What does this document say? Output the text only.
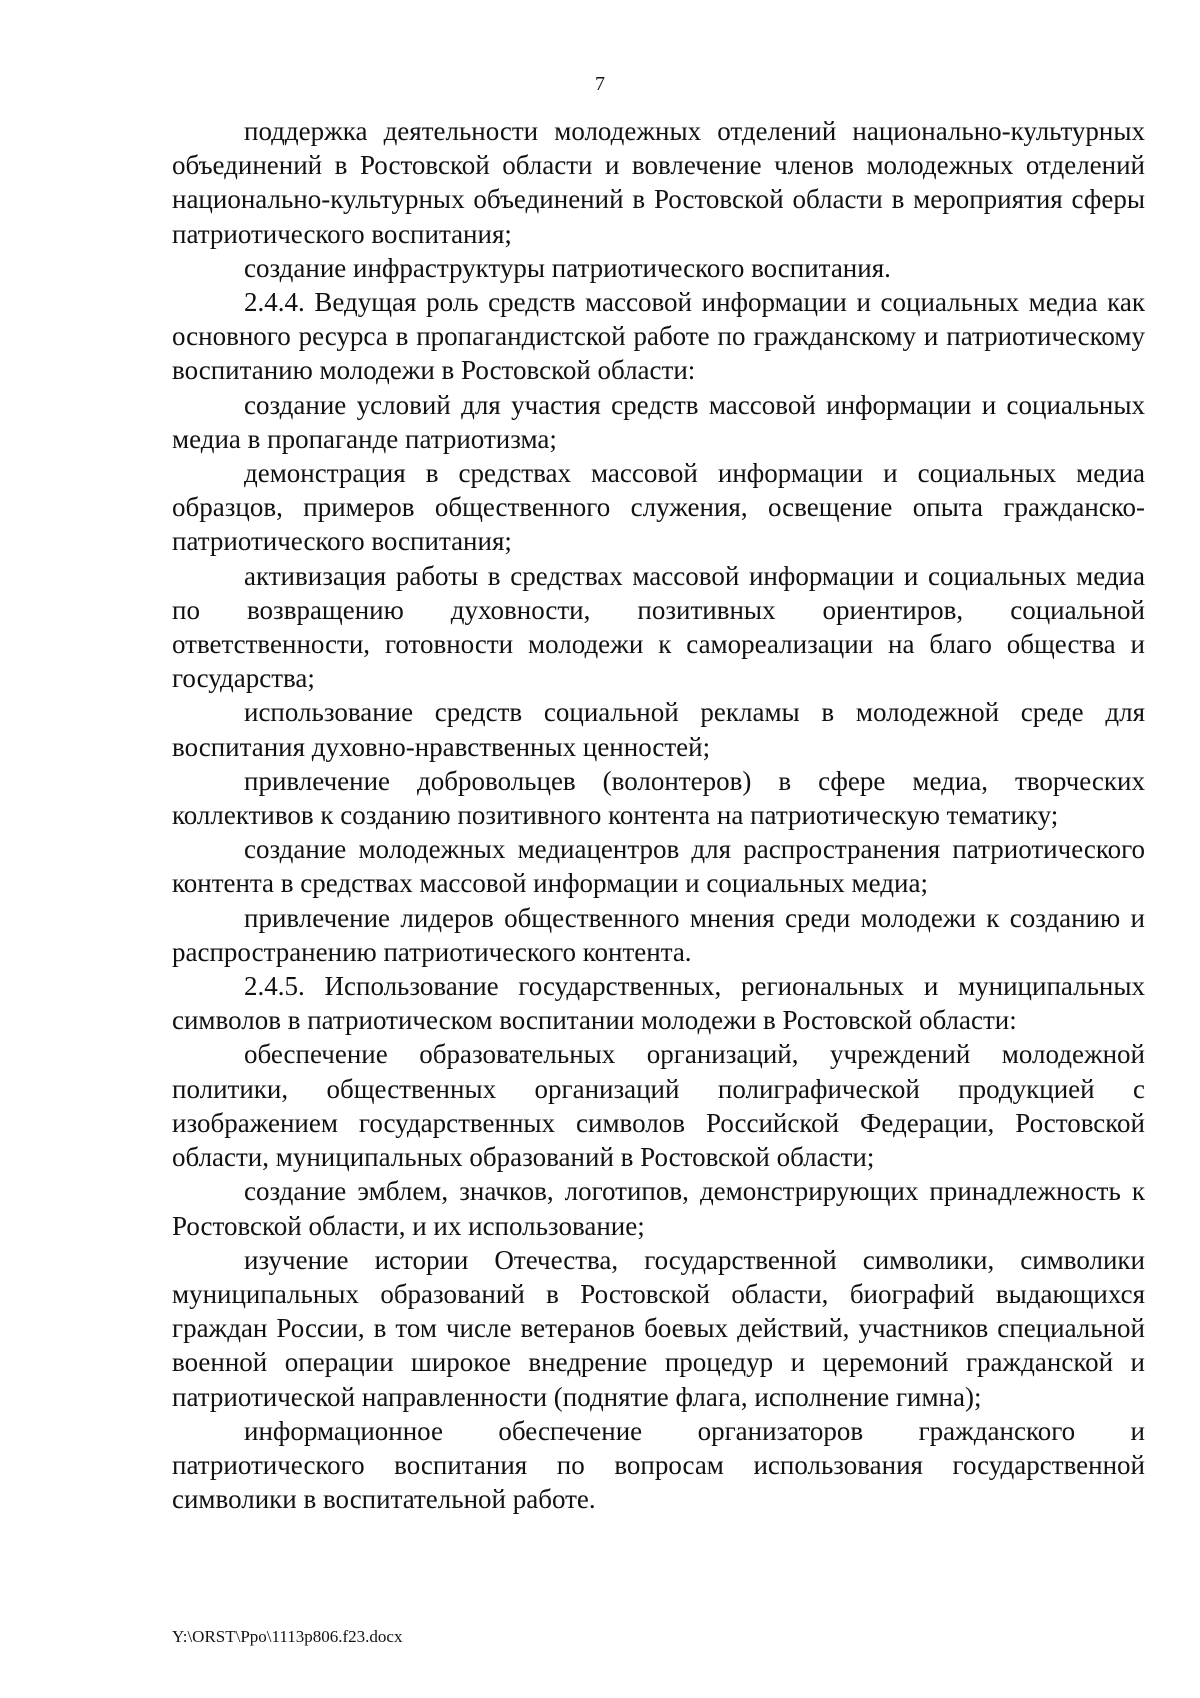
7

поддержка деятельности молодежных отделений национально-культурных объединений в Ростовской области и вовлечение членов молодежных отделений национально-культурных объединений в Ростовской области в мероприятия сферы патриотического воспитания;

создание инфраструктуры патриотического воспитания.

2.4.4. Ведущая роль средств массовой информации и социальных медиа как основного ресурса в пропагандистской работе по гражданскому и патриотическому воспитанию молодежи в Ростовской области:

создание условий для участия средств массовой информации и социальных медиа в пропаганде патриотизма;

демонстрация в средствах массовой информации и социальных медиа образцов, примеров общественного служения, освещение опыта гражданско-патриотического воспитания;

активизация работы в средствах массовой информации и социальных медиа по возвращению духовности, позитивных ориентиров, социальной ответственности, готовности молодежи к самореализации на благо общества и государства;

использование средств социальной рекламы в молодежной среде для воспитания духовно-нравственных ценностей;

привлечение добровольцев (волонтеров) в сфере медиа, творческих коллективов к созданию позитивного контента на патриотическую тематику;

создание молодежных медиацентров для распространения патриотического контента в средствах массовой информации и социальных медиа;

привлечение лидеров общественного мнения среди молодежи к созданию и распространению патриотического контента.

2.4.5. Использование государственных, региональных и муниципальных символов в патриотическом воспитании молодежи в Ростовской области:

обеспечение образовательных организаций, учреждений молодежной политики, общественных организаций полиграфической продукцией с изображением государственных символов Российской Федерации, Ростовской области, муниципальных образований в Ростовской области;

создание эмблем, значков, логотипов, демонстрирующих принадлежность к Ростовской области, и их использование;

изучение истории Отечества, государственной символики, символики муниципальных образований в Ростовской области, биографий выдающихся граждан России, в том числе ветеранов боевых действий, участников специальной военной операции широкое внедрение процедур и церемоний гражданской и патриотической направленности (поднятие флага, исполнение гимна);

информационное обеспечение организаторов гражданского и патриотического воспитания по вопросам использования государственной символики в воспитательной работе.

Y:\ORST\Ppo\1113p806.f23.docx
